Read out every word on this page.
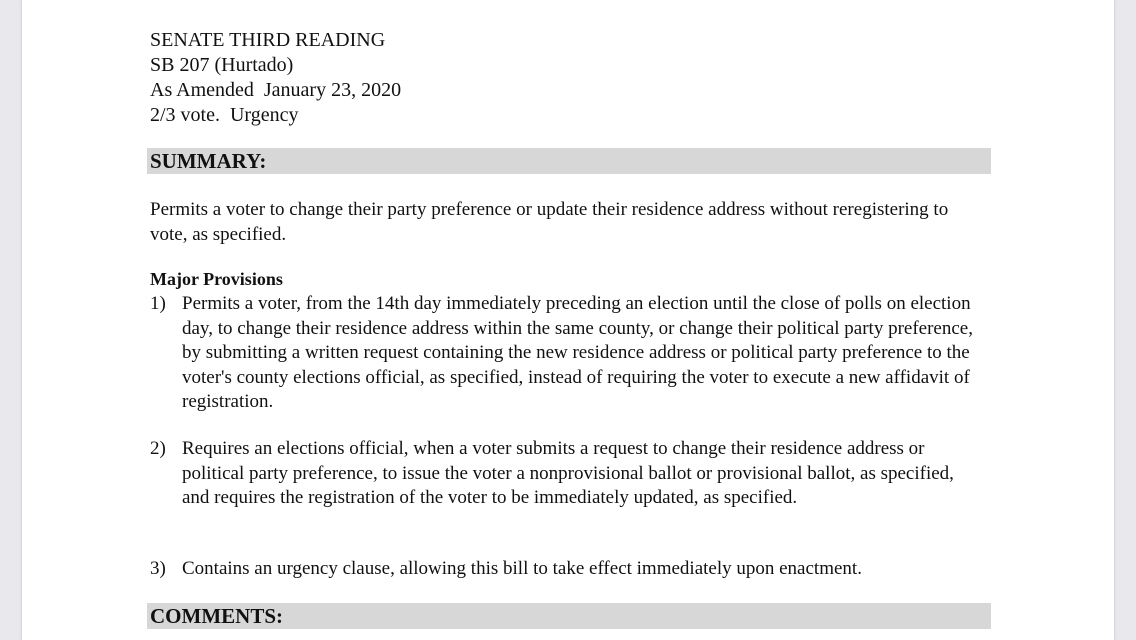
SENATE THIRD READING
SB 207 (Hurtado)
As Amended  January 23, 2020
2/3 vote.  Urgency
SUMMARY:
Permits a voter to change their party preference or update their residence address without reregistering to vote, as specified.
Major Provisions
1) Permits a voter, from the 14th day immediately preceding an election until the close of polls on election day, to change their residence address within the same county, or change their political party preference, by submitting a written request containing the new residence address or political party preference to the voter's county elections official, as specified, instead of requiring the voter to execute a new affidavit of registration.
2) Requires an elections official, when a voter submits a request to change their residence address or political party preference, to issue the voter a nonprovisional ballot or provisional ballot, as specified, and requires the registration of the voter to be immediately updated, as specified.
3) Contains an urgency clause, allowing this bill to take effect immediately upon enactment.
COMMENTS:
